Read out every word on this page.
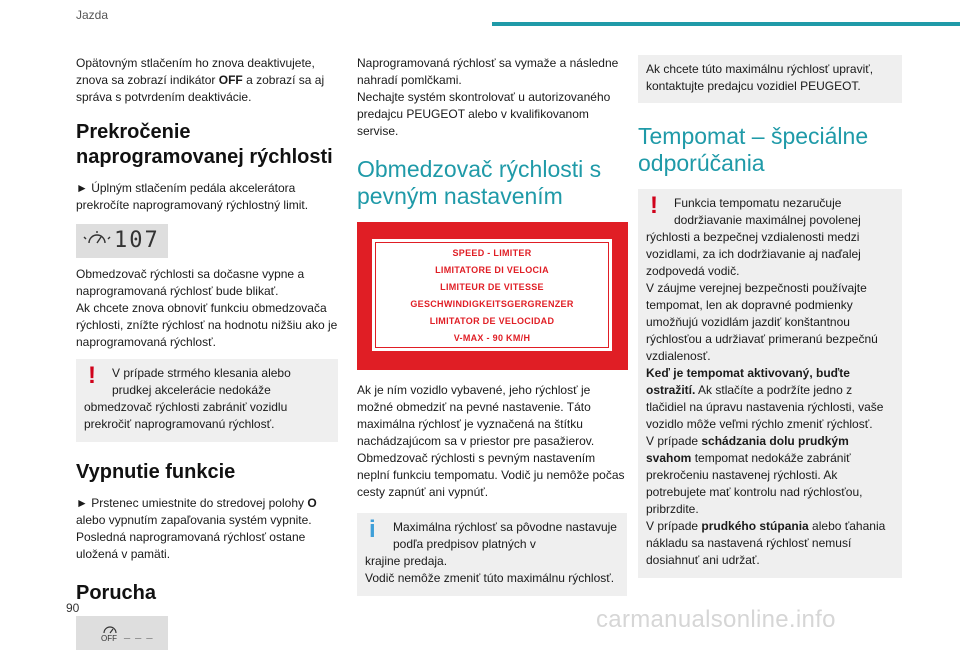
Jazda

Opätovným stlačením ho znova deaktivujete, znova sa zobrazí indikátor OFF a zobrazí sa aj správa s potvrdením deaktivácie.

Prekročenie naprogramovanej rýchlosti

► Úplným stlačením pedála akcelerátora prekročíte naprogramovaný rýchlostný limit.

107

Obmedzovač rýchlosti sa dočasne vypne a naprogramovaná rýchlosť bude blikať.

Ak chcete znova obnoviť funkciu obmedzovača rýchlosti, znížte rýchlosť na hodnotu nižšiu ako je naprogramovaná rýchlosť.

!	V prípade strmého klesania alebo prudkej akcelerácie nedokáže

obmedzovač rýchlosti zabrániť vozidlu prekročiť naprogramovanú rýchlosť.

Vypnutie funkcie

► Prstenec umiestnite do stredovej polohy O alebo vypnutím zapaľovania systém vypnite.

Posledná naprogramovaná rýchlosť ostane uložená v pamäti.

Porucha
OFF _ _ _

Naprogramovaná rýchlosť sa vymaže a následne nahradí pomlčkami.

Nechajte systém skontrolovať u autorizovaného predajcu PEUGEOT alebo v kvalifikovanom servise.

Obmedzovač rýchlosti s pevným nastavením
SPEED - LIMITER
LIMITATORE DI VELOCIA
LIMITEUR DE VITESSE
GESCHWINDIGKEITSGERGRENZER
LIMITATOR DE VELOCIDAD
V-MAX - 90 KM/H

Ak je ním vozidlo vybavené, jeho rýchlosť je možné obmedziť na pevné nastavenie. Táto maximálna rýchlosť je vyznačená na štítku nachádzajúcom sa v priestor pre pasažierov. Obmedzovač rýchlosti s pevným nastavením neplní funkciu tempomatu. Vodič ju nemôže počas cesty zapnúť ani vypnúť.

i	Maximálna rýchlosť sa pôvodne nastavuje podľa predpisov platných v

krajine predaja.

Vodič nemôže zmeniť túto maximálnu rýchlosť.

Ak chcete túto maximálnu rýchlosť upraviť, kontaktujte predajcu vozidiel PEUGEOT.

Tempomat – špeciálne odporúčania
!	Funkcia tempomatu nezaručuje dodržiavanie maximálnej povolenej

rýchlosti a bezpečnej vzdialenosti medzi vozidlami, za ich dodržiavanie aj naďalej zodpovedá vodič.

V záujme verejnej bezpečnosti používajte tempomat, len ak dopravné podmienky umožňujú vozidlám jazdiť konštantnou rýchlosťou a udržiavať primeranú bezpečnú vzdialenosť.

Keď je tempomat aktivovaný, buďte ostražití. Ak stlačíte a podržíte jedno z tlačidiel na úpravu nastavenia rýchlosti, vaše vozidlo môže veľmi rýchlo zmeniť rýchlosť.

V prípade schádzania dolu prudkým svahom tempomat nedokáže zabrániť prekročeniu nastavenej rýchlosti. Ak potrebujete mať kontrolu nad rýchlosťou, pribrzdite.

V prípade prudkého stúpania alebo ťahania nákladu sa nastavená rýchlosť nemusí dosiahnuť ani udržať.

90	carmanualsonline.info
